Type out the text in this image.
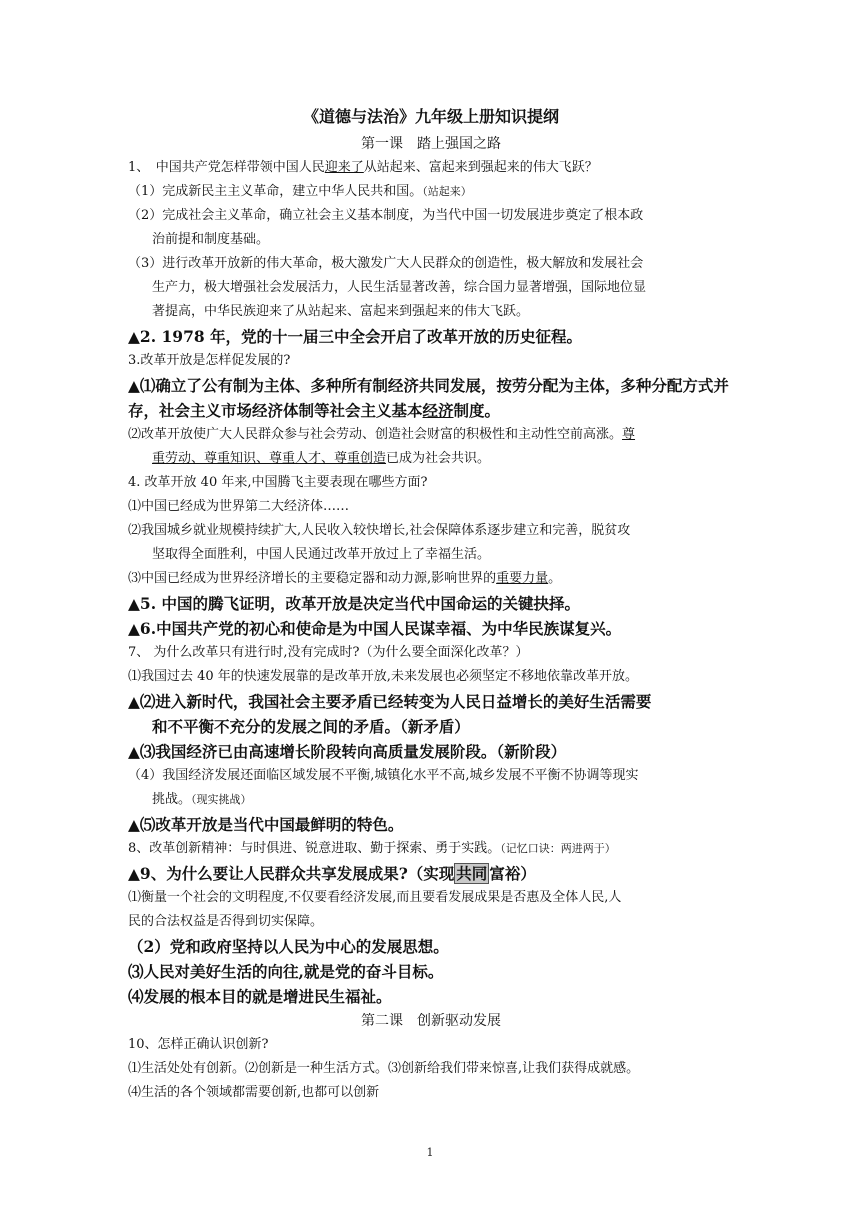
《道德与法治》九年级上册知识提纲

第一课　踏上强国之路

1、　中国共产党怎样带领中国人民迎来了从站起来、富起来到强起来的伟大飞跃？

（1）完成新民主主义革命，建立中华人民共和国。（站起来）

（2）完成社会主义革命，确立社会主义基本制度，为当代中国一切发展进步奠定了根本政

治前提和制度基础。

（3）进行改革开放新的伟大革命，极大激发广大人民群众的创造性，极大解放和发展社会

生产力，极大增强社会发展活力，人民生活显著改善，综合国力显著增强，国际地位显

著提高，中华民族迎来了从站起来、富起来到强起来的伟大飞跃。

▲2. 1978 年，党的十一届三中全会开启了改革开放的历史征程。

3.改革开放是怎样促发展的?

▲⑴确立了公有制为主体、多种所有制经济共同发展，按劳分配为主体，多种分配方式并

存，社会主义市场经济体制等社会主义基本经济制度。

⑵改革开放使广大人民群众参与社会劳动、创造社会财富的积极性和主动性空前高涨。尊

重劳动、尊重知识、尊重人才、尊重创造已成为社会共识。

4. 改革开放 40 年来,中国腾飞主要表现在哪些方面?

⑴中国已经成为世界第二大经济体……

⑵我国城乡就业规模持续扩大,人民收入较快增长,社会保障体系逐步建立和完善，脱贫攻

坚取得全面胜利，中国人民通过改革开放过上了幸福生活。

⑶中国已经成为世界经济增长的主要稳定器和动力源,影响世界的重要力量。

▲5. 中国的腾飞证明，改革开放是决定当代中国命运的关键抉择。

▲6.中国共产党的初心和使命是为中国人民谋幸福、为中华民族谋复兴。

7、 为什么改革只有进行时,没有完成时?（为什么要全面深化改革？）

⑴我国过去 40 年的快速发展靠的是改革开放,未来发展也必须坚定不移地依靠改革开放。

▲⑵进入新时代，我国社会主要矛盾已经转变为人民日益增长的美好生活需要

和不平衡不充分的发展之间的矛盾。（新矛盾）

▲⑶我国经济已由高速增长阶段转向高质量发展阶段。（新阶段）

（4）我国经济发展还面临区域发展不平衡,城镇化水平不高,城乡发展不平衡不协调等现实

挑战。（现实挑战）

▲⑸改革开放是当代中国最鲜明的特色。

8、改革创新精神：与时俱进、锐意进取、勤于探索、勇于实践。（记忆口诀：两进两于）

▲9、为什么要让人民群众共享发展成果?（实现 共同 富裕）

⑴衡量一个社会的文明程度,不仅要看经济发展,而且要看发展成果是否惠及全体人民,人

民的合法权益是否得到切实保障。

（2）党和政府坚持以人民为中心的发展思想。

⑶人民对美好生活的向往,就是党的奋斗目标。

⑷发展的根本目的就是增进民生福祉。

第二课　创新驱动发展

10、怎样正确认识创新?

⑴生活处处有创新。⑵创新是一种生活方式。⑶创新给我们带来惊喜,让我们获得成就感。

⑷生活的各个领域都需要创新,也都可以创新

1
